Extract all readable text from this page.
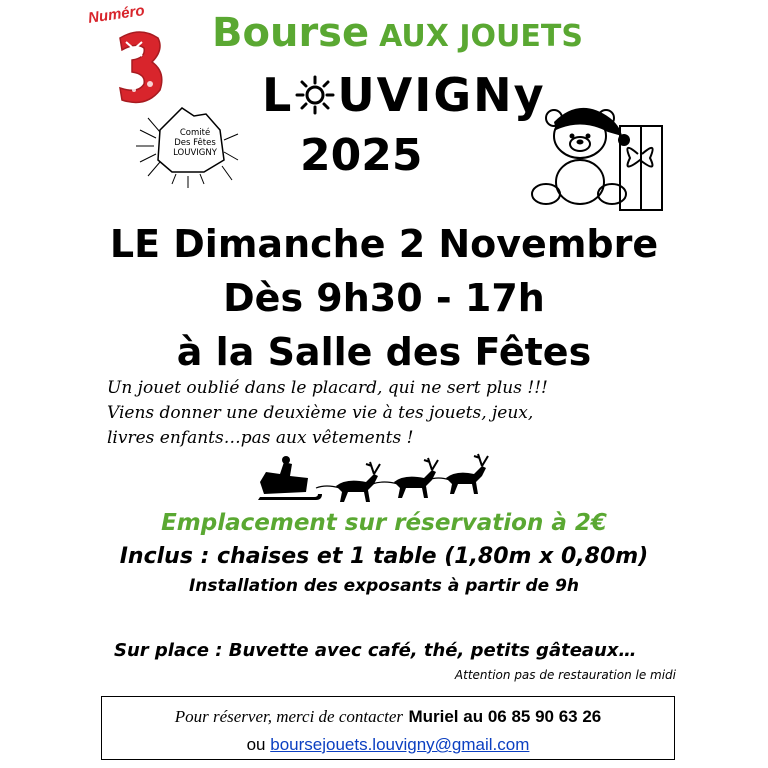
Numéro Bourse AUX JOUETS
L UVIGNy
2025
Comité
Des Fêtes
LOUVIGNY
LE Dimanche 2 Novembre
Dès 9h30 - 17h
à la Salle des Fêtes
Un jouet oublié dans le placard, qui ne sert plus !!!
Viens donner une deuxième vie à tes jouets, jeux,
livres enfants…pas aux vêtements !
Emplacement sur réservation à 2€
Inclus : chaises et 1 table (1,80m x 0,80m)
Installation des exposants à partir de 9h
Sur place : Buvette avec café, thé, petits gâteaux…
Attention pas de restauration le midi
Pour réserver, merci de contacter Muriel au 06 85 90 63 26
ou boursejouets.louvigny@gmail.com
